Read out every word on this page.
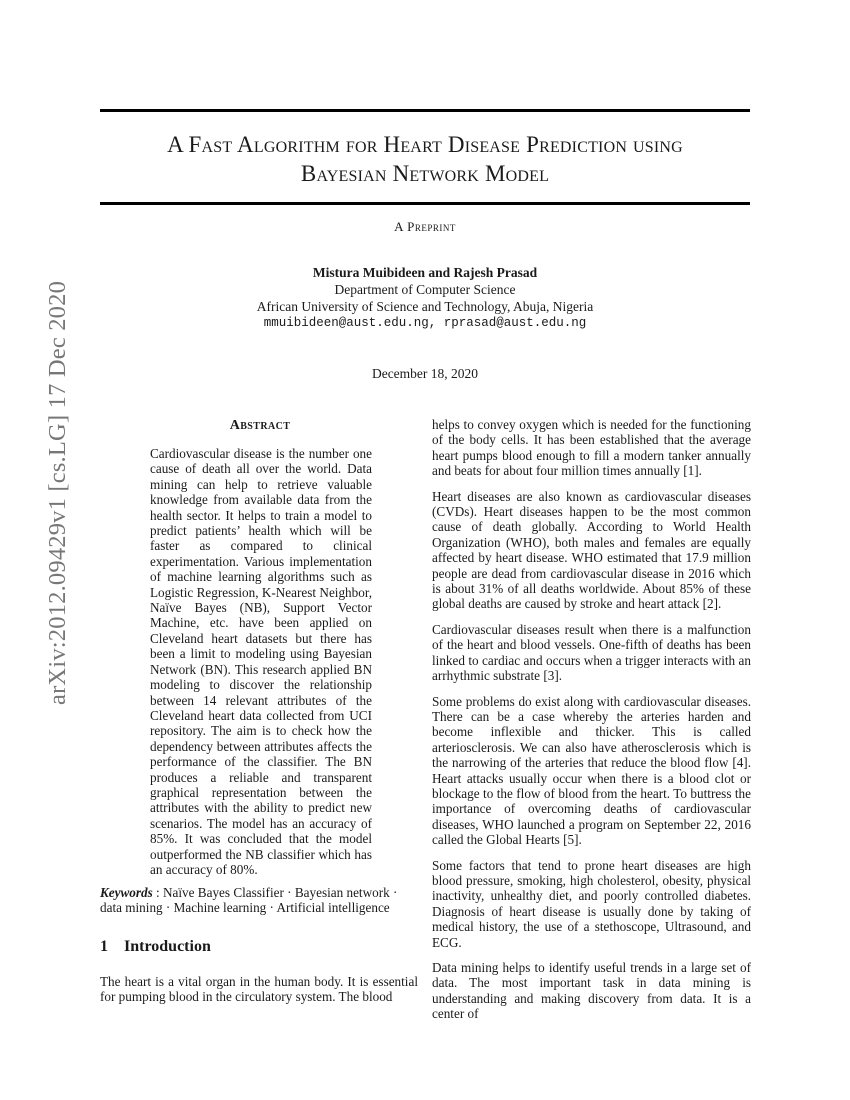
arXiv:2012.09429v1 [cs.LG] 17 Dec 2020
A Fast Algorithm for Heart Disease Prediction using
Bayesian Network Model
A Preprint
Mistura Muibideen and Rajesh Prasad
Department of Computer Science
African University of Science and Technology, Abuja, Nigeria
mmuibideen@aust.edu.ng, rprasad@aust.edu.ng
December 18, 2020
Abstract
Cardiovascular disease is the number one cause of death all over the world. Data mining can help to retrieve valuable knowledge from available data from the health sector. It helps to train a model to predict patients’ health which will be faster as compared to clinical experimentation. Various implementation of machine learning algorithms such as Logistic Regression, K-Nearest Neighbor, Naïve Bayes (NB), Support Vector Machine, etc. have been applied on Cleveland heart datasets but there has been a limit to modeling using Bayesian Network (BN). This research applied BN modeling to discover the relationship between 14 relevant attributes of the Cleveland heart data collected from UCI repository. The aim is to check how the dependency between attributes affects the performance of the classifier. The BN produces a reliable and transparent graphical representation between the attributes with the ability to predict new scenarios. The model has an accuracy of 85%. It was concluded that the model outperformed the NB classifier which has an accuracy of 80%.
Keywords : Naïve Bayes Classifier · Bayesian network · data mining · Machine learning · Artificial intelligence
1 Introduction
The heart is a vital organ in the human body. It is essential for pumping blood in the circulatory system. The blood

helps to convey oxygen which is needed for the functioning of the body cells. It has been established that the average heart pumps blood enough to fill a modern tanker annually and beats for about four million times annually [1].

Heart diseases are also known as cardiovascular diseases (CVDs). Heart diseases happen to be the most common cause of death globally. According to World Health Organization (WHO), both males and females are equally affected by heart disease. WHO estimated that 17.9 million people are dead from cardiovascular disease in 2016 which is about 31% of all deaths worldwide. About 85% of these global deaths are caused by stroke and heart attack [2].

Cardiovascular diseases result when there is a malfunction of the heart and blood vessels. One-fifth of deaths has been linked to cardiac and occurs when a trigger interacts with an arrhythmic substrate [3].

Some problems do exist along with cardiovascular diseases. There can be a case whereby the arteries harden and become inflexible and thicker. This is called arteriosclerosis. We can also have atherosclerosis which is the narrowing of the arteries that reduce the blood flow [4]. Heart attacks usually occur when there is a blood clot or blockage to the flow of blood from the heart. To buttress the importance of overcoming deaths of cardiovascular diseases, WHO launched a program on September 22, 2016 called the Global Hearts [5].

Some factors that tend to prone heart diseases are high blood pressure, smoking, high cholesterol, obesity, physical inactivity, unhealthy diet, and poorly controlled diabetes. Diagnosis of heart disease is usually done by taking of medical history, the use of a stethoscope, Ultrasound, and ECG.

Data mining helps to identify useful trends in a large set of data. The most important task in data mining is understanding and making discovery from data. It is a center of
